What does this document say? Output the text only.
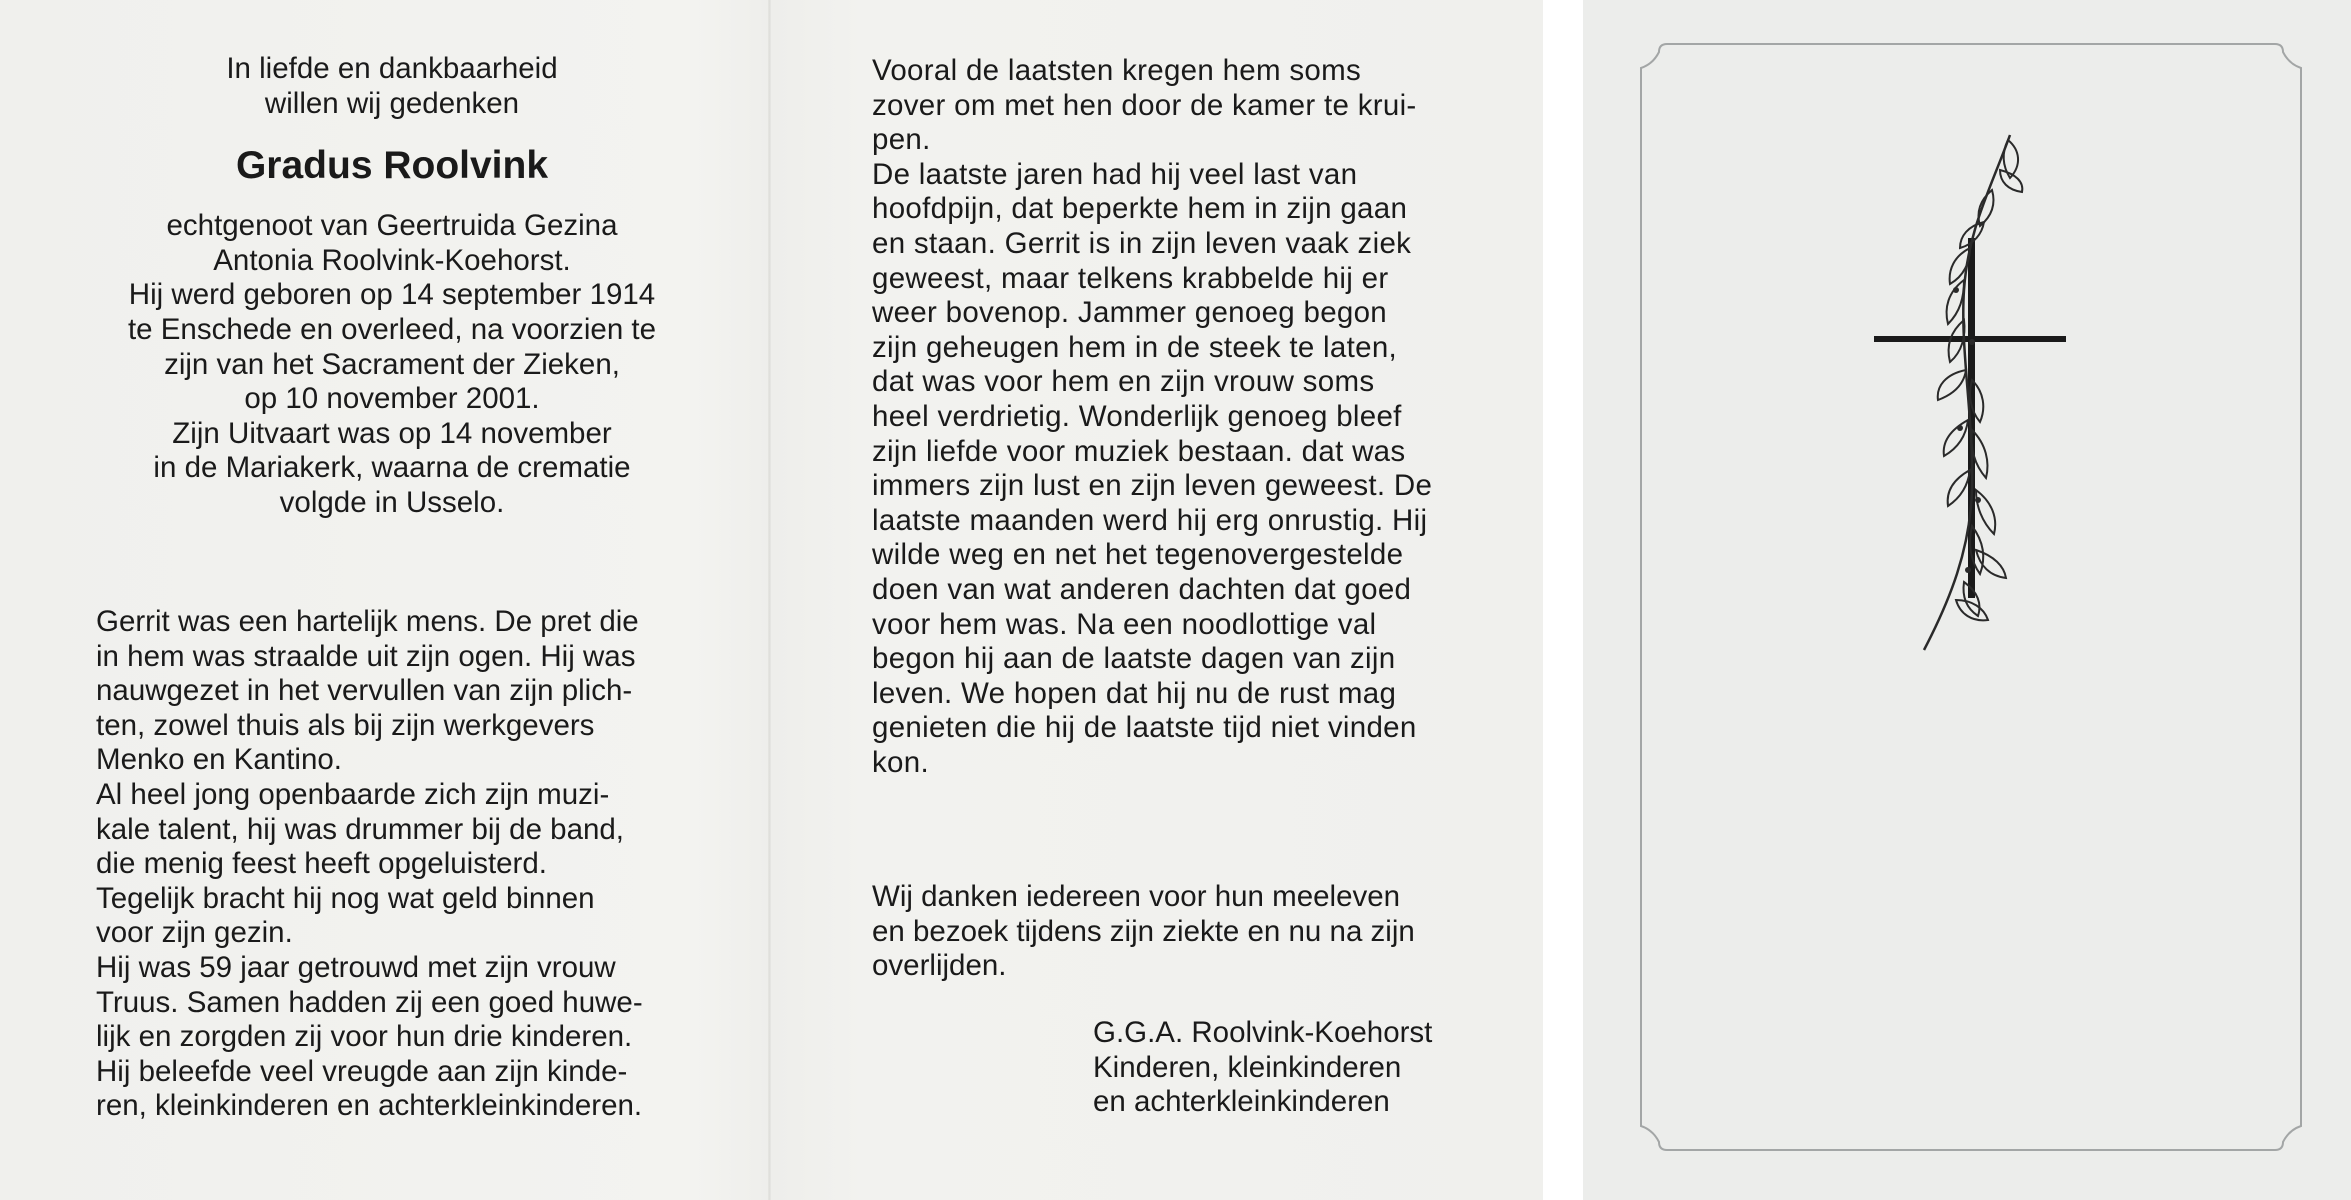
In liefde en dankbaarheid
willen wij gedenken

Gradus Roolvink

echtgenoot van Geertruida Gezina
Antonia Roolvink-Koehorst.
Hij werd geboren op 14 september 1914
te Enschede en overleed, na voorzien te
zijn van het Sacrament der Zieken,
op 10 november 2001.
Zijn Uitvaart was op 14 november
in de Mariakerk, waarna de crematie
volgde in Usselo.

Gerrit was een hartelijk mens. De pret die
in hem was straalde uit zijn ogen. Hij was
nauwgezet in het vervullen van zijn plich-
ten, zowel thuis als bij zijn werkgevers
Menko en Kantino.

Al heel jong openbaarde zich zijn muzi-
kale talent, hij was drummer bij de band,
die menig feest heeft opgeluisterd.
Tegelijk bracht hij nog wat geld binnen
voor zijn gezin.

Hij was 59 jaar getrouwd met zijn vrouw
Truus. Samen hadden zij een goed huwe-
lijk en zorgden zij voor hun drie kinderen.
Hij beleefde veel vreugde aan zijn kinde-
ren, kleinkinderen en achterkleinkinderen.

Vooral de laatsten kregen hem soms
zover om met hen door de kamer te krui-
pen.

De laatste jaren had hij veel last van
hoofdpijn, dat beperkte hem in zijn gaan
en staan. Gerrit is in zijn leven vaak ziek
geweest, maar telkens krabbelde hij er
weer bovenop. Jammer genoeg begon
zijn geheugen hem in de steek te laten,
dat was voor hem en zijn vrouw soms
heel verdrietig. Wonderlijk genoeg bleef
zijn liefde voor muziek bestaan. dat was
immers zijn lust en zijn leven geweest. De
laatste maanden werd hij erg onrustig. Hij
wilde weg en net het tegenovergestelde
doen van wat anderen dachten dat goed
voor hem was. Na een noodlottige val
begon hij aan de laatste dagen van zijn
leven. We hopen dat hij nu de rust mag
genieten die hij de laatste tijd niet vinden
kon.

Wij danken iedereen voor hun meeleven
en bezoek tijdens zijn ziekte en nu na zijn
overlijden.

G.G.A. Roolvink-Koehorst
Kinderen, kleinkinderen
en achterkleinkinderen
